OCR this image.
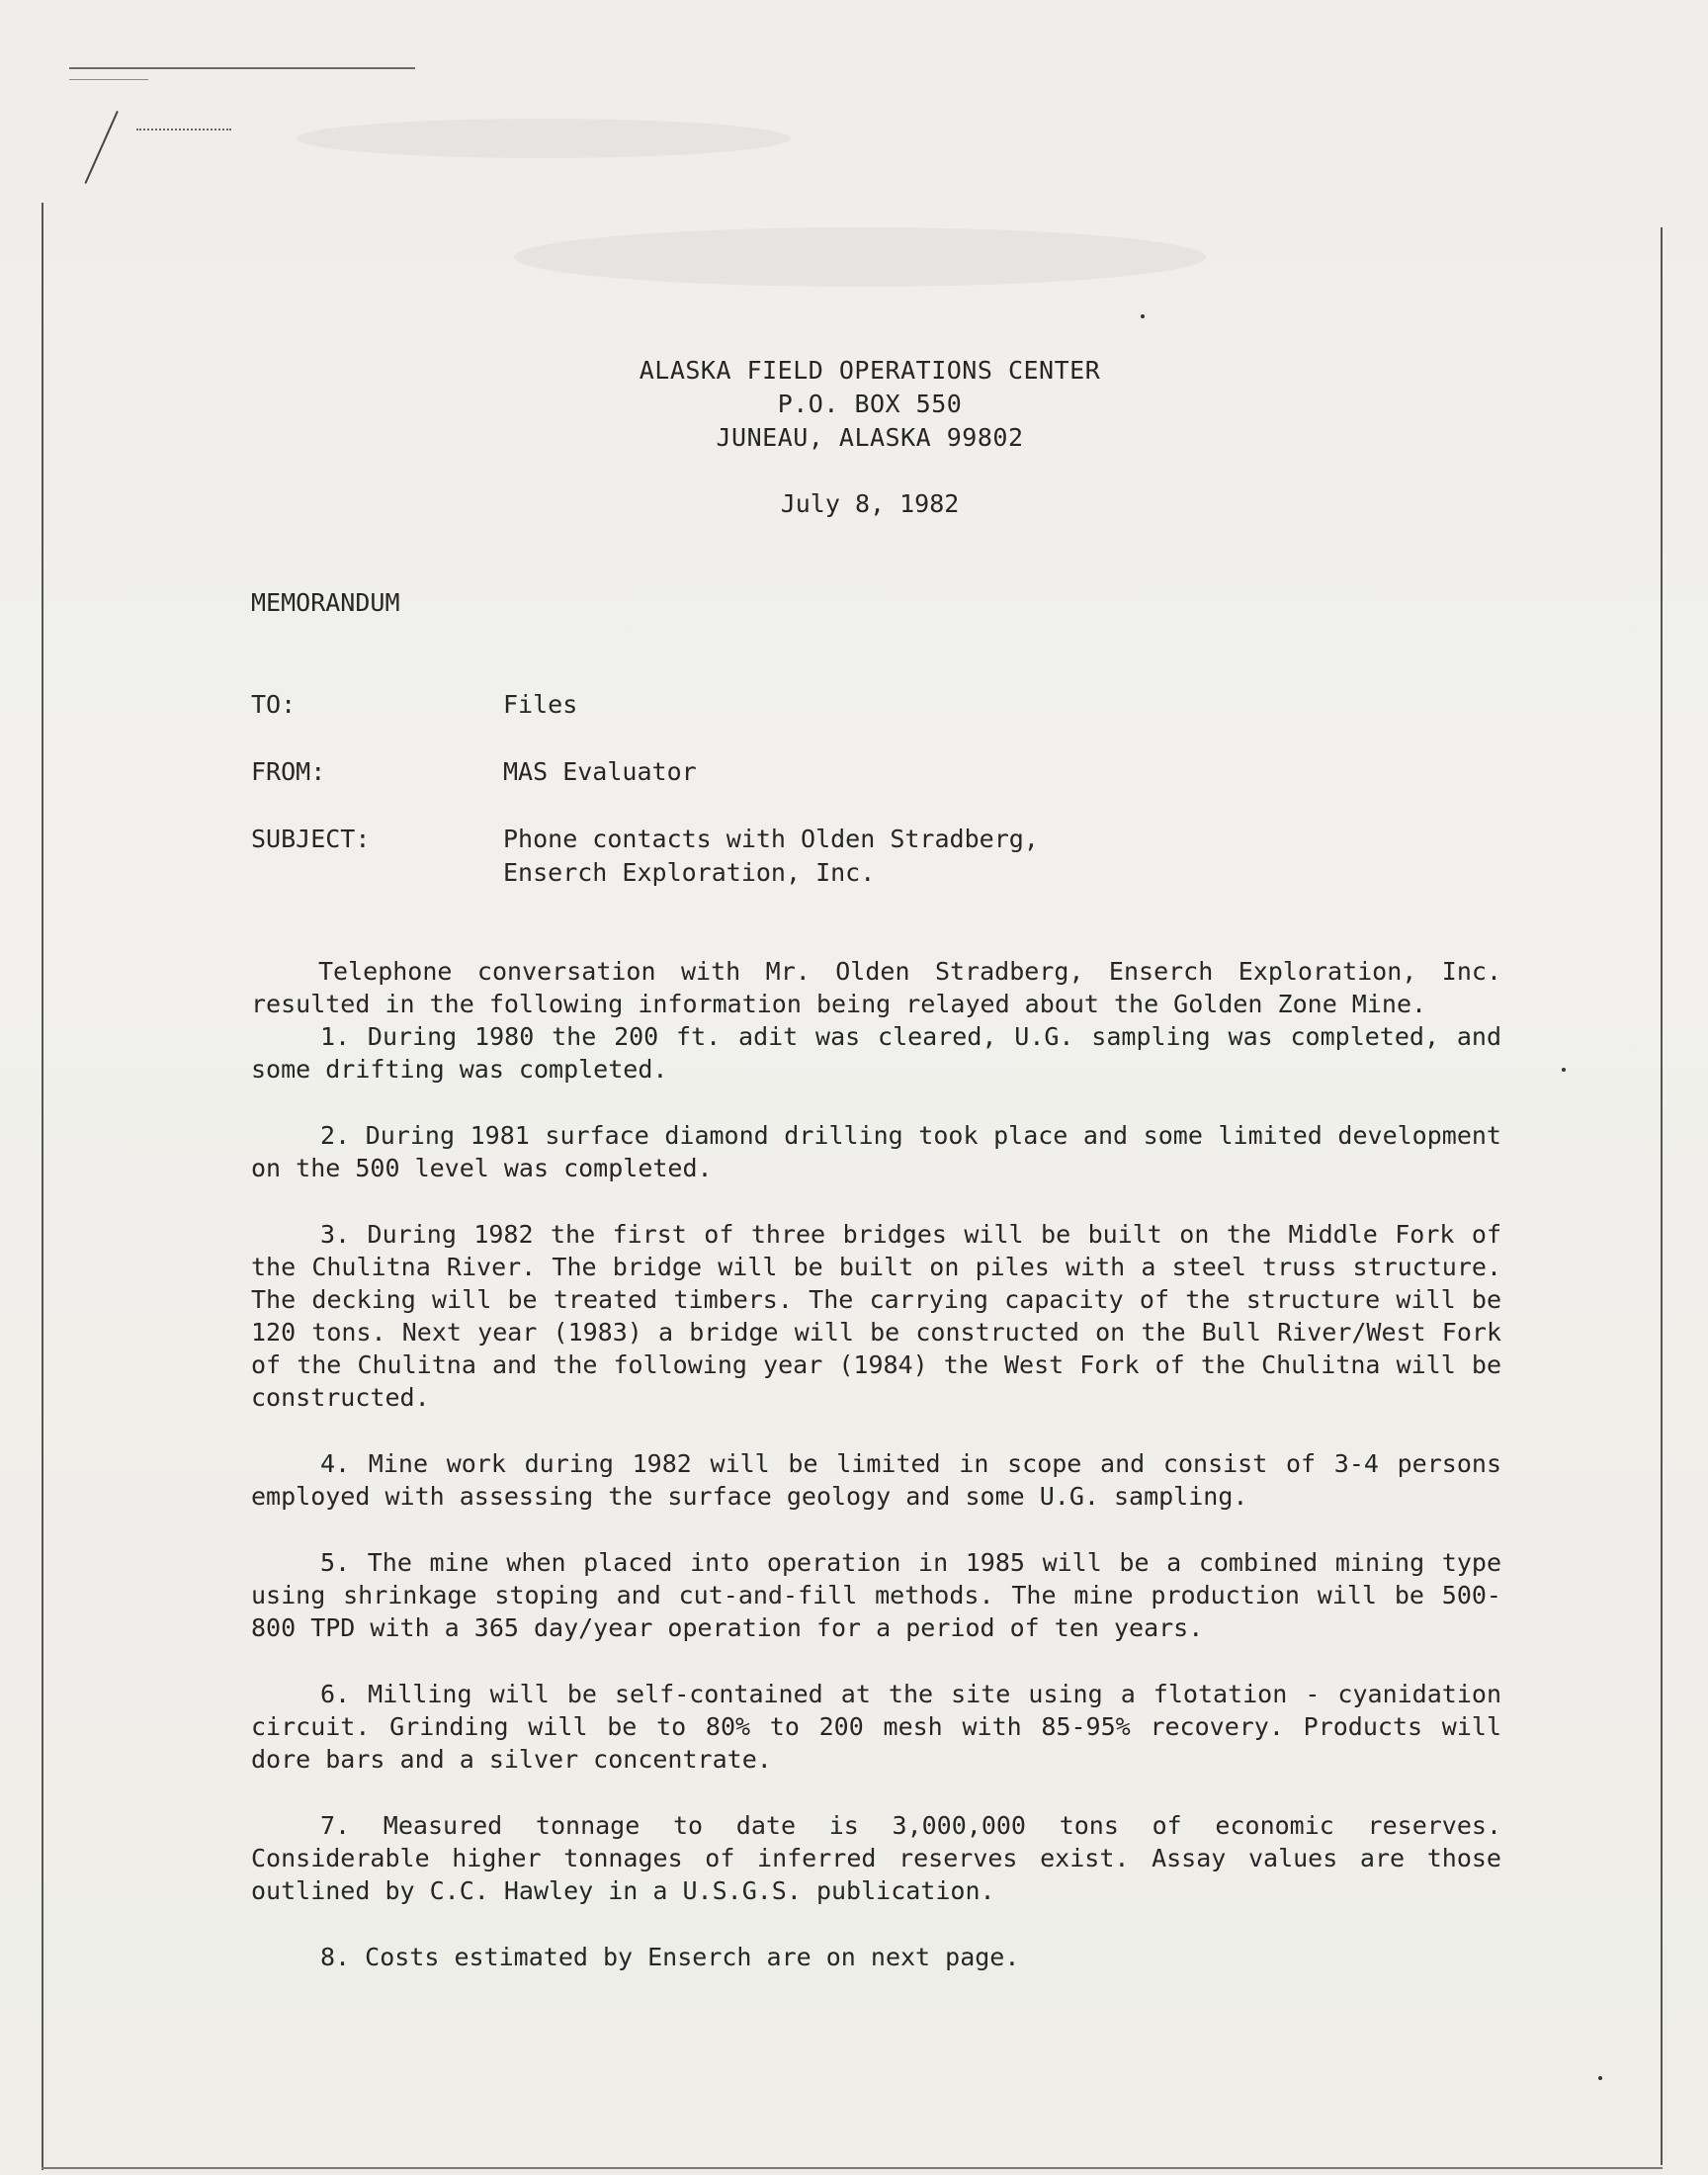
ALASKA FIELD OPERATIONS CENTER
P.O. BOX 550
JUNEAU, ALASKA 99802
July 8, 1982
MEMORANDUM
TO:	Files
FROM:	MAS Evaluator
SUBJECT:	Phone contacts with Olden Stradberg,
Enserch Exploration, Inc.

Telephone conversation with Mr. Olden Stradberg, Enserch Exploration, Inc. resulted in the following information being relayed about the Golden Zone Mine.

1. During 1980 the 200 ft. adit was cleared, U.G. sampling was completed, and some drifting was completed.

2. During 1981 surface diamond drilling took place and some limited development on the 500 level was completed.

3. During 1982 the first of three bridges will be built on the Middle Fork of the Chulitna River. The bridge will be built on piles with a steel truss structure. The decking will be treated timbers. The carrying capacity of the structure will be 120 tons. Next year (1983) a bridge will be constructed on the Bull River/West Fork of the Chulitna and the following year (1984) the West Fork of the Chulitna will be constructed.

4. Mine work during 1982 will be limited in scope and consist of 3-4 persons employed with assessing the surface geology and some U.G. sampling.

5. The mine when placed into operation in 1985 will be a combined mining type using shrinkage stoping and cut-and-fill methods. The mine production will be 500-800 TPD with a 365 day/year operation for a period of ten years.

6. Milling will be self-contained at the site using a flotation - cyanidation circuit. Grinding will be to 80% to 200 mesh with 85-95% recovery. Products will dore bars and a silver concentrate.

7. Measured tonnage to date is 3,000,000 tons of economic reserves. Considerable higher tonnages of inferred reserves exist. Assay values are those outlined by C.C. Hawley in a U.S.G.S. publication.

8. Costs estimated by Enserch are on next page.
